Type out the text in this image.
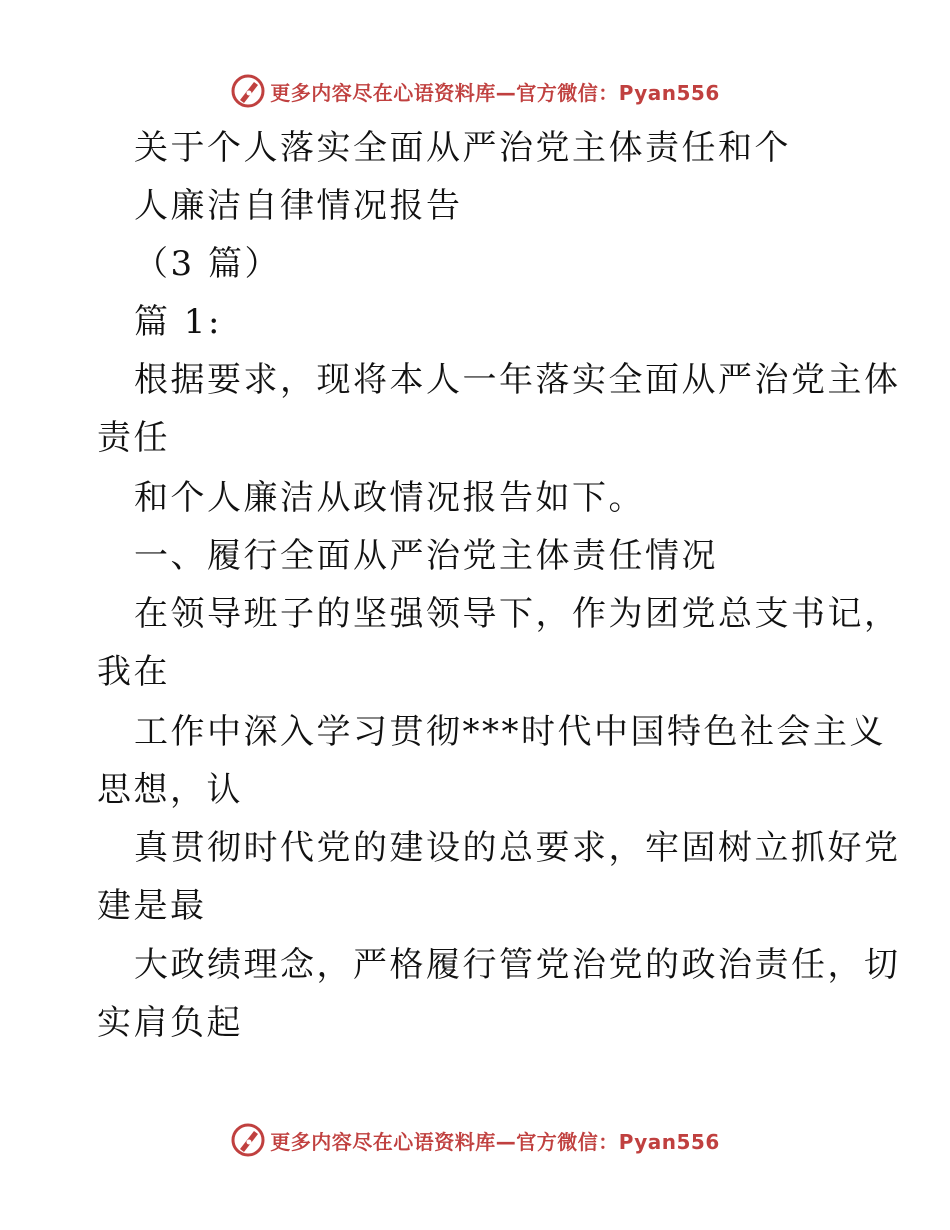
更多内容尽在心语资料库—官方微信：Pyan556

关于个人落实全面从严治党主体责任和个

人廉洁自律情况报告

（3 篇）

篇 1:

根据要求，现将本人一年落实全面从严治党主体

责任

和个人廉洁从政情况报告如下。

一、履行全面从严治党主体责任情况

在领导班子的坚强领导下，作为团党总支书记，

我在

工作中深入学习贯彻***时代中国特色社会主义

思想，认

真贯彻时代党的建设的总要求，牢固树立抓好党

建是最

大政绩理念，严格履行管党治党的政治责任，切

实肩负起

更多内容尽在心语资料库—官方微信：Pyan556
